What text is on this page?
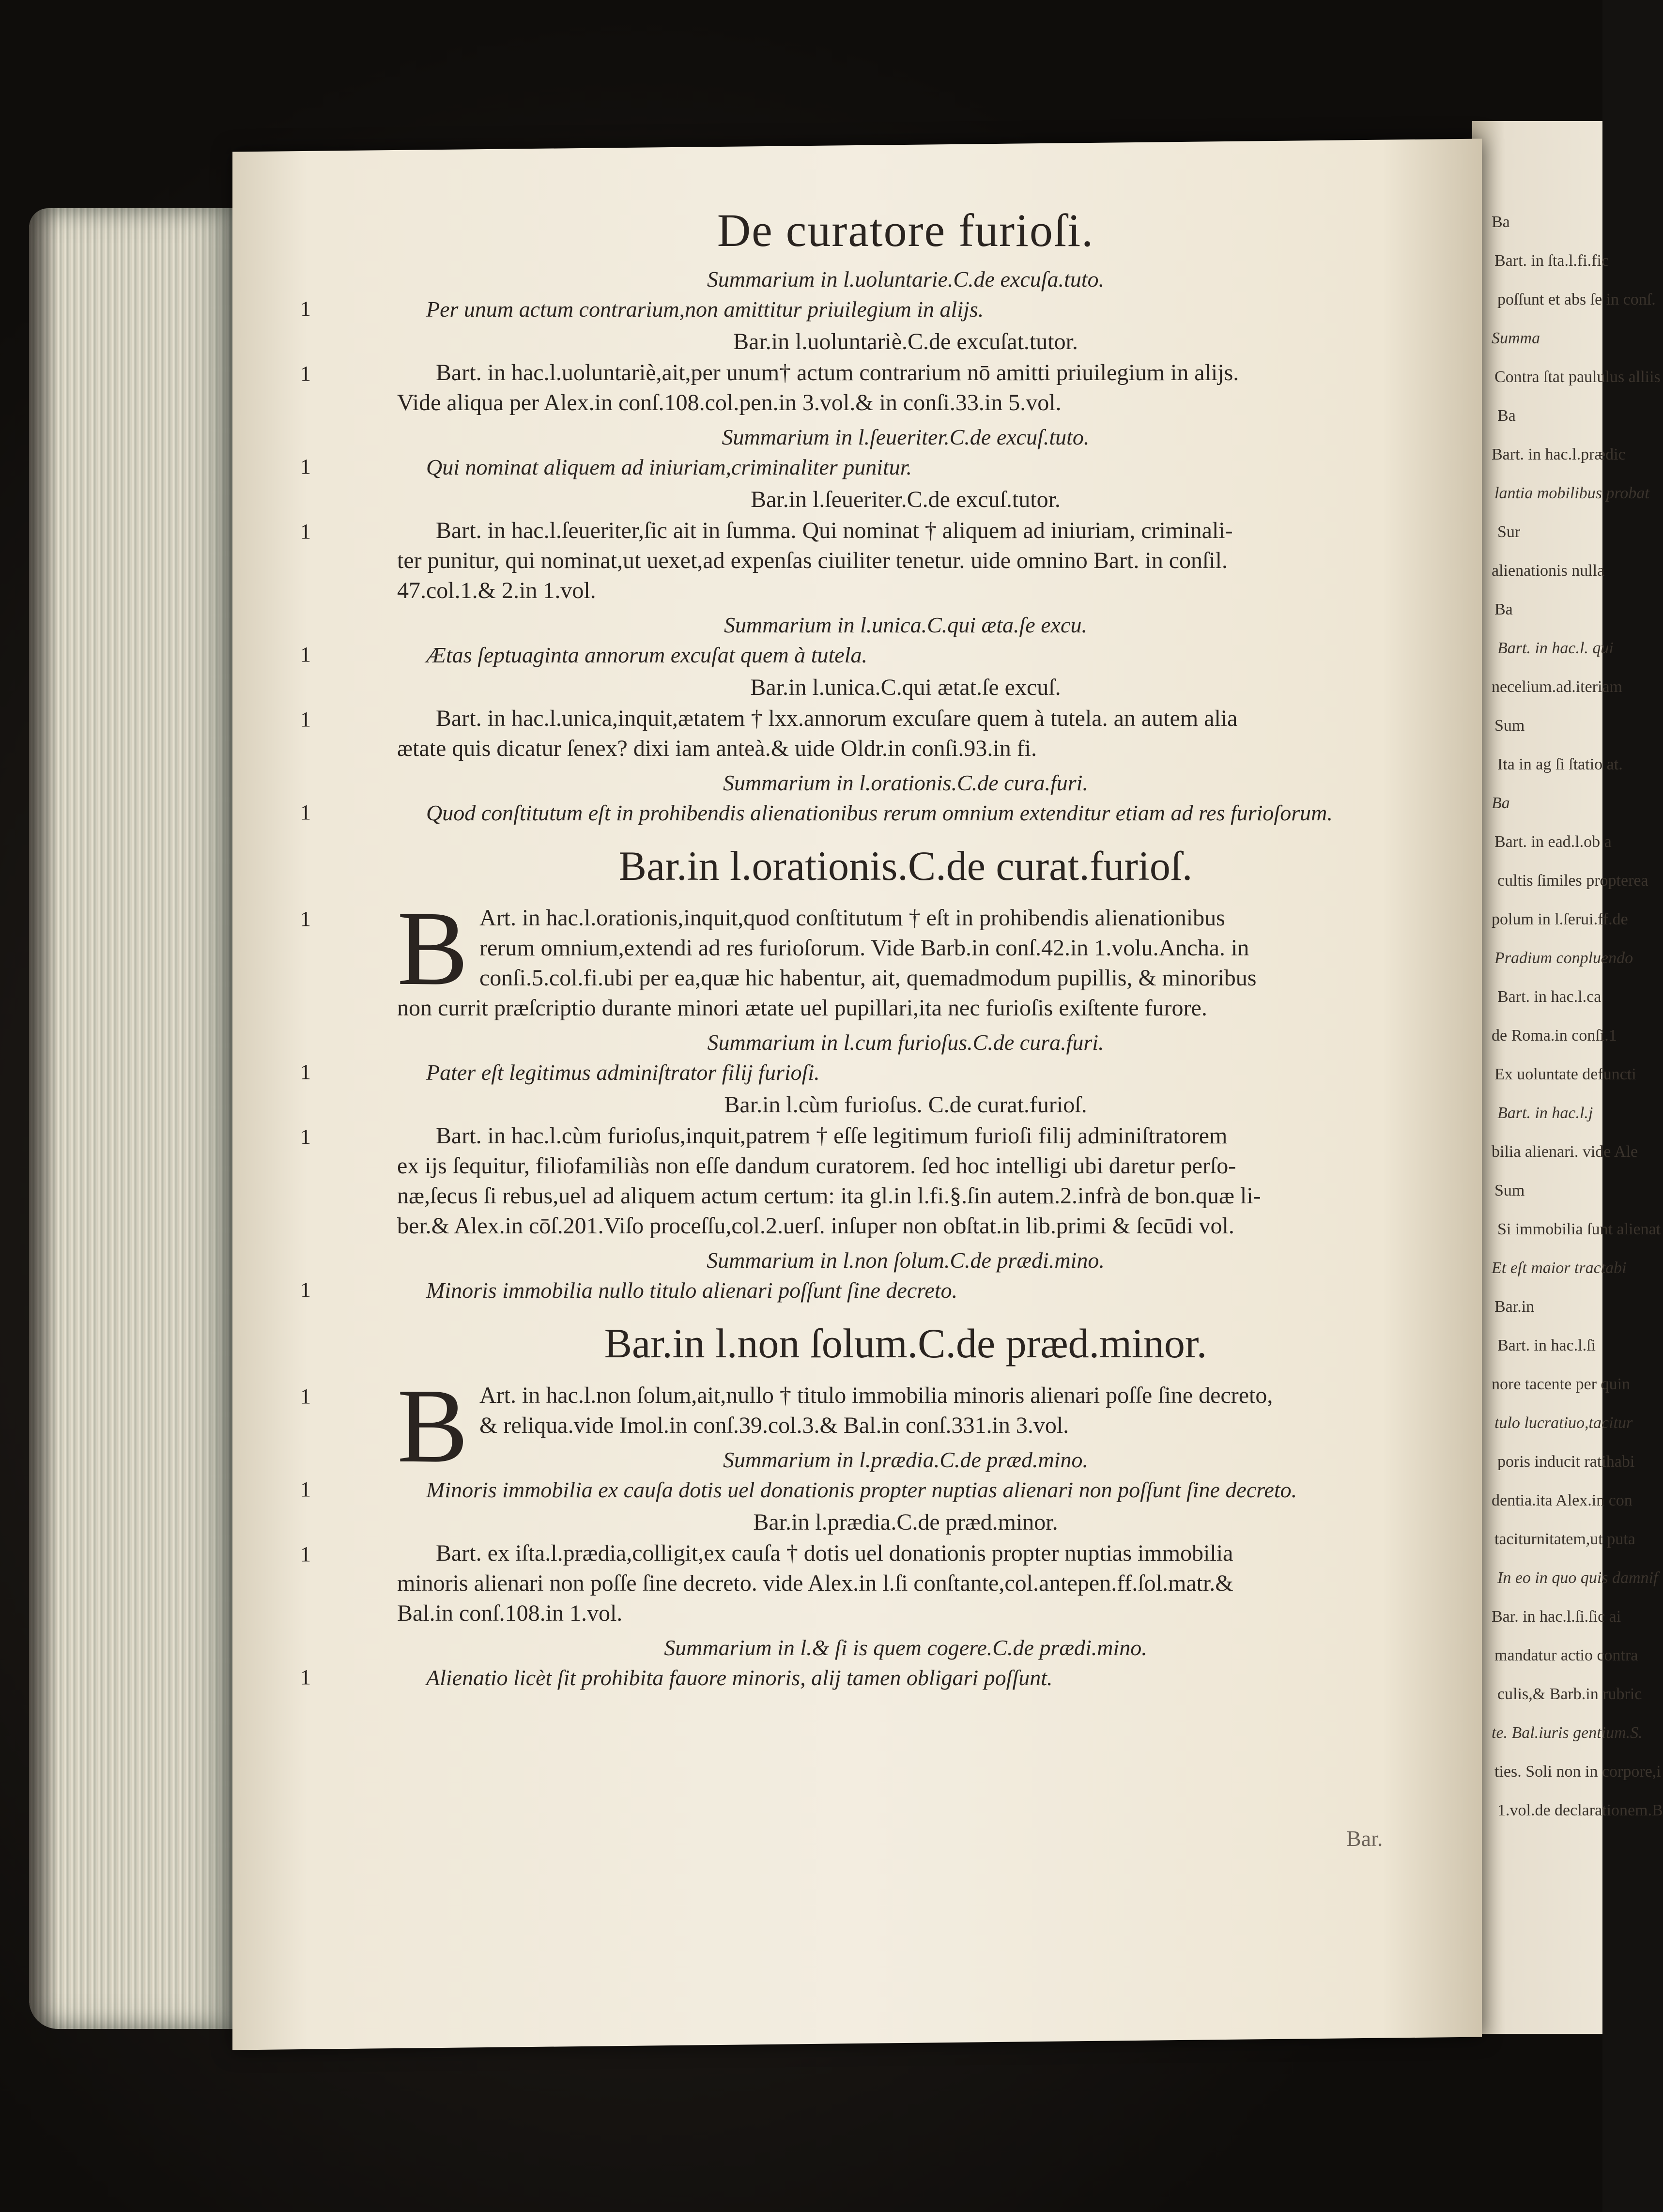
Ba
Bart. in ſta.l.fi.fic
poſſunt et abs ſe in conſ.
Summa
Contra ſtat paululus alliis
Ba
Bart. in hac.l.prædic
lantia mobilibus probat
Sur
alienationis nulla
Ba
Bart. in hac.l. qui
necelium.ad.iteriam
Sum
Ita in ag ſi ſtatio at.
Ba
Bart. in ead.l.ob a
cultis ſimiles propterea
polum in l.ſerui.ff.de
Pradium conpluendo
Bart. in hac.l.ca
de Roma.in conſi.1
Ex uoluntate defuncti
Bart. in hac.l.j
bilia alienari. vide Ale
Sum
Si immobilia ſunt alienat
Et eſt maior tractabi
Bar.in
Bart. in hac.l.ſi
nore tacente per quin
tulo lucratiuo,tacitur
poris inducit ratihabi
dentia.ita Alex.in con
taciturnitatem,ut puta
In eo in quo quis damnif
Bar. in hac.l.ſi.ſic ai
mandatur actio contra
culis,& Barb.in rubric
te. Bal.iuris gentium.S.
ties. Soli non in corpore,i
1.vol.de declarationem.B
De curatore furioſi.
Summarium in l.uoluntarie.C.de excuſa.tuto.
1	Per unum actum contrarium,non amittitur priuilegium in alijs.
Bar.in l.uoluntariè.C.de excuſat.tutor.
1	Bart. in hac.l.uoluntariè,ait,per unum† actum contrarium nō amitti priuilegium in alijs.
Vide aliqua per Alex.in conſ.108.col.pen.in 3.vol.& in conſi.33.in 5.vol.
Summarium in l.ſeueriter.C.de excuſ.tuto.
1	Qui nominat aliquem ad iniuriam,criminaliter punitur.
Bar.in l.ſeueriter.C.de excuſ.tutor.
1	Bart. in hac.l.ſeueriter,ſic ait in ſumma. Qui nominat † aliquem ad iniuriam, criminali-
ter punitur, qui nominat,ut uexet,ad expenſas ciuiliter tenetur. uide omnino Bart. in conſil.
47.col.1.& 2.in 1.vol.
Summarium in l.unica.C.qui æta.ſe excu.
1	Ætas ſeptuaginta annorum excuſat quem à tutela.
Bar.in l.unica.C.qui ætat.ſe excuſ.
1	Bart. in hac.l.unica,inquit,ætatem † lxx.annorum excuſare quem à tutela. an autem alia
ætate quis dicatur ſenex? dixi iam anteà.& uide Oldr.in conſi.93.in fi.
Summarium in l.orationis.C.de cura.furi.
1	Quod conſtitutum eſt in prohibendis alienationibus rerum omnium extenditur etiam ad res furioſorum.
Bar.in l.orationis.C.de curat.furioſ.
1 B Art. in hac.l.orationis,inquit,quod conſtitutum † eſt in prohibendis alienationibus
rerum omnium,extendi ad res furioſorum. Vide Barb.in conſ.42.in 1.volu.Ancha. in
conſi.5.col.fi.ubi per ea,quæ hic habentur, ait, quemadmodum pupillis, & minoribus
non currit præſcriptio durante minori ætate uel pupillari,ita nec furioſis exiſtente furore.
Summarium in l.cum furioſus.C.de cura.furi.
1	Pater eſt legitimus adminiſtrator filij furioſi.
Bar.in l.cùm furioſus. C.de curat.furioſ.
1	Bart. in hac.l.cùm furioſus,inquit,patrem † eſſe legitimum furioſi filij adminiſtratorem
ex ijs ſequitur, filiofamiliàs non eſſe dandum curatorem. ſed hoc intelligi ubi daretur perſo-
næ,ſecus ſi rebus,uel ad aliquem actum certum: ita gl.in l.fi.§.ſin autem.2.infrà de bon.quæ li-
ber.& Alex.in cōſ.201.Viſo proceſſu,col.2.uerſ. inſuper non obſtat.in lib.primi & ſecūdi vol.
Summarium in l.non ſolum.C.de prædi.mino.
1	Minoris immobilia nullo titulo alienari poſſunt ſine decreto.
Bar.in l.non ſolum.C.de præd.minor.
1 B Art. in hac.l.non ſolum,ait,nullo † titulo immobilia minoris alienari poſſe ſine decreto,
& reliqua.vide Imol.in conſ.39.col.3.& Bal.in conſ.331.in 3.vol.
Summarium in l.prædia.C.de præd.mino.
1	Minoris immobilia ex cauſa dotis uel donationis propter nuptias alienari non poſſunt ſine decreto.
Bar.in l.prædia.C.de præd.minor.
1	Bart. ex iſta.l.prædia,colligit,ex cauſa † dotis uel donationis propter nuptias immobilia
minoris alienari non poſſe ſine decreto. vide Alex.in l.ſi conſtante,col.antepen.ff.ſol.matr.&
Bal.in conſ.108.in 1.vol.
Summarium in l.& ſi is quem cogere.C.de prædi.mino.
1	Alienatio licèt ſit prohibita fauore minoris, alij tamen obligari poſſunt.
Bar.
